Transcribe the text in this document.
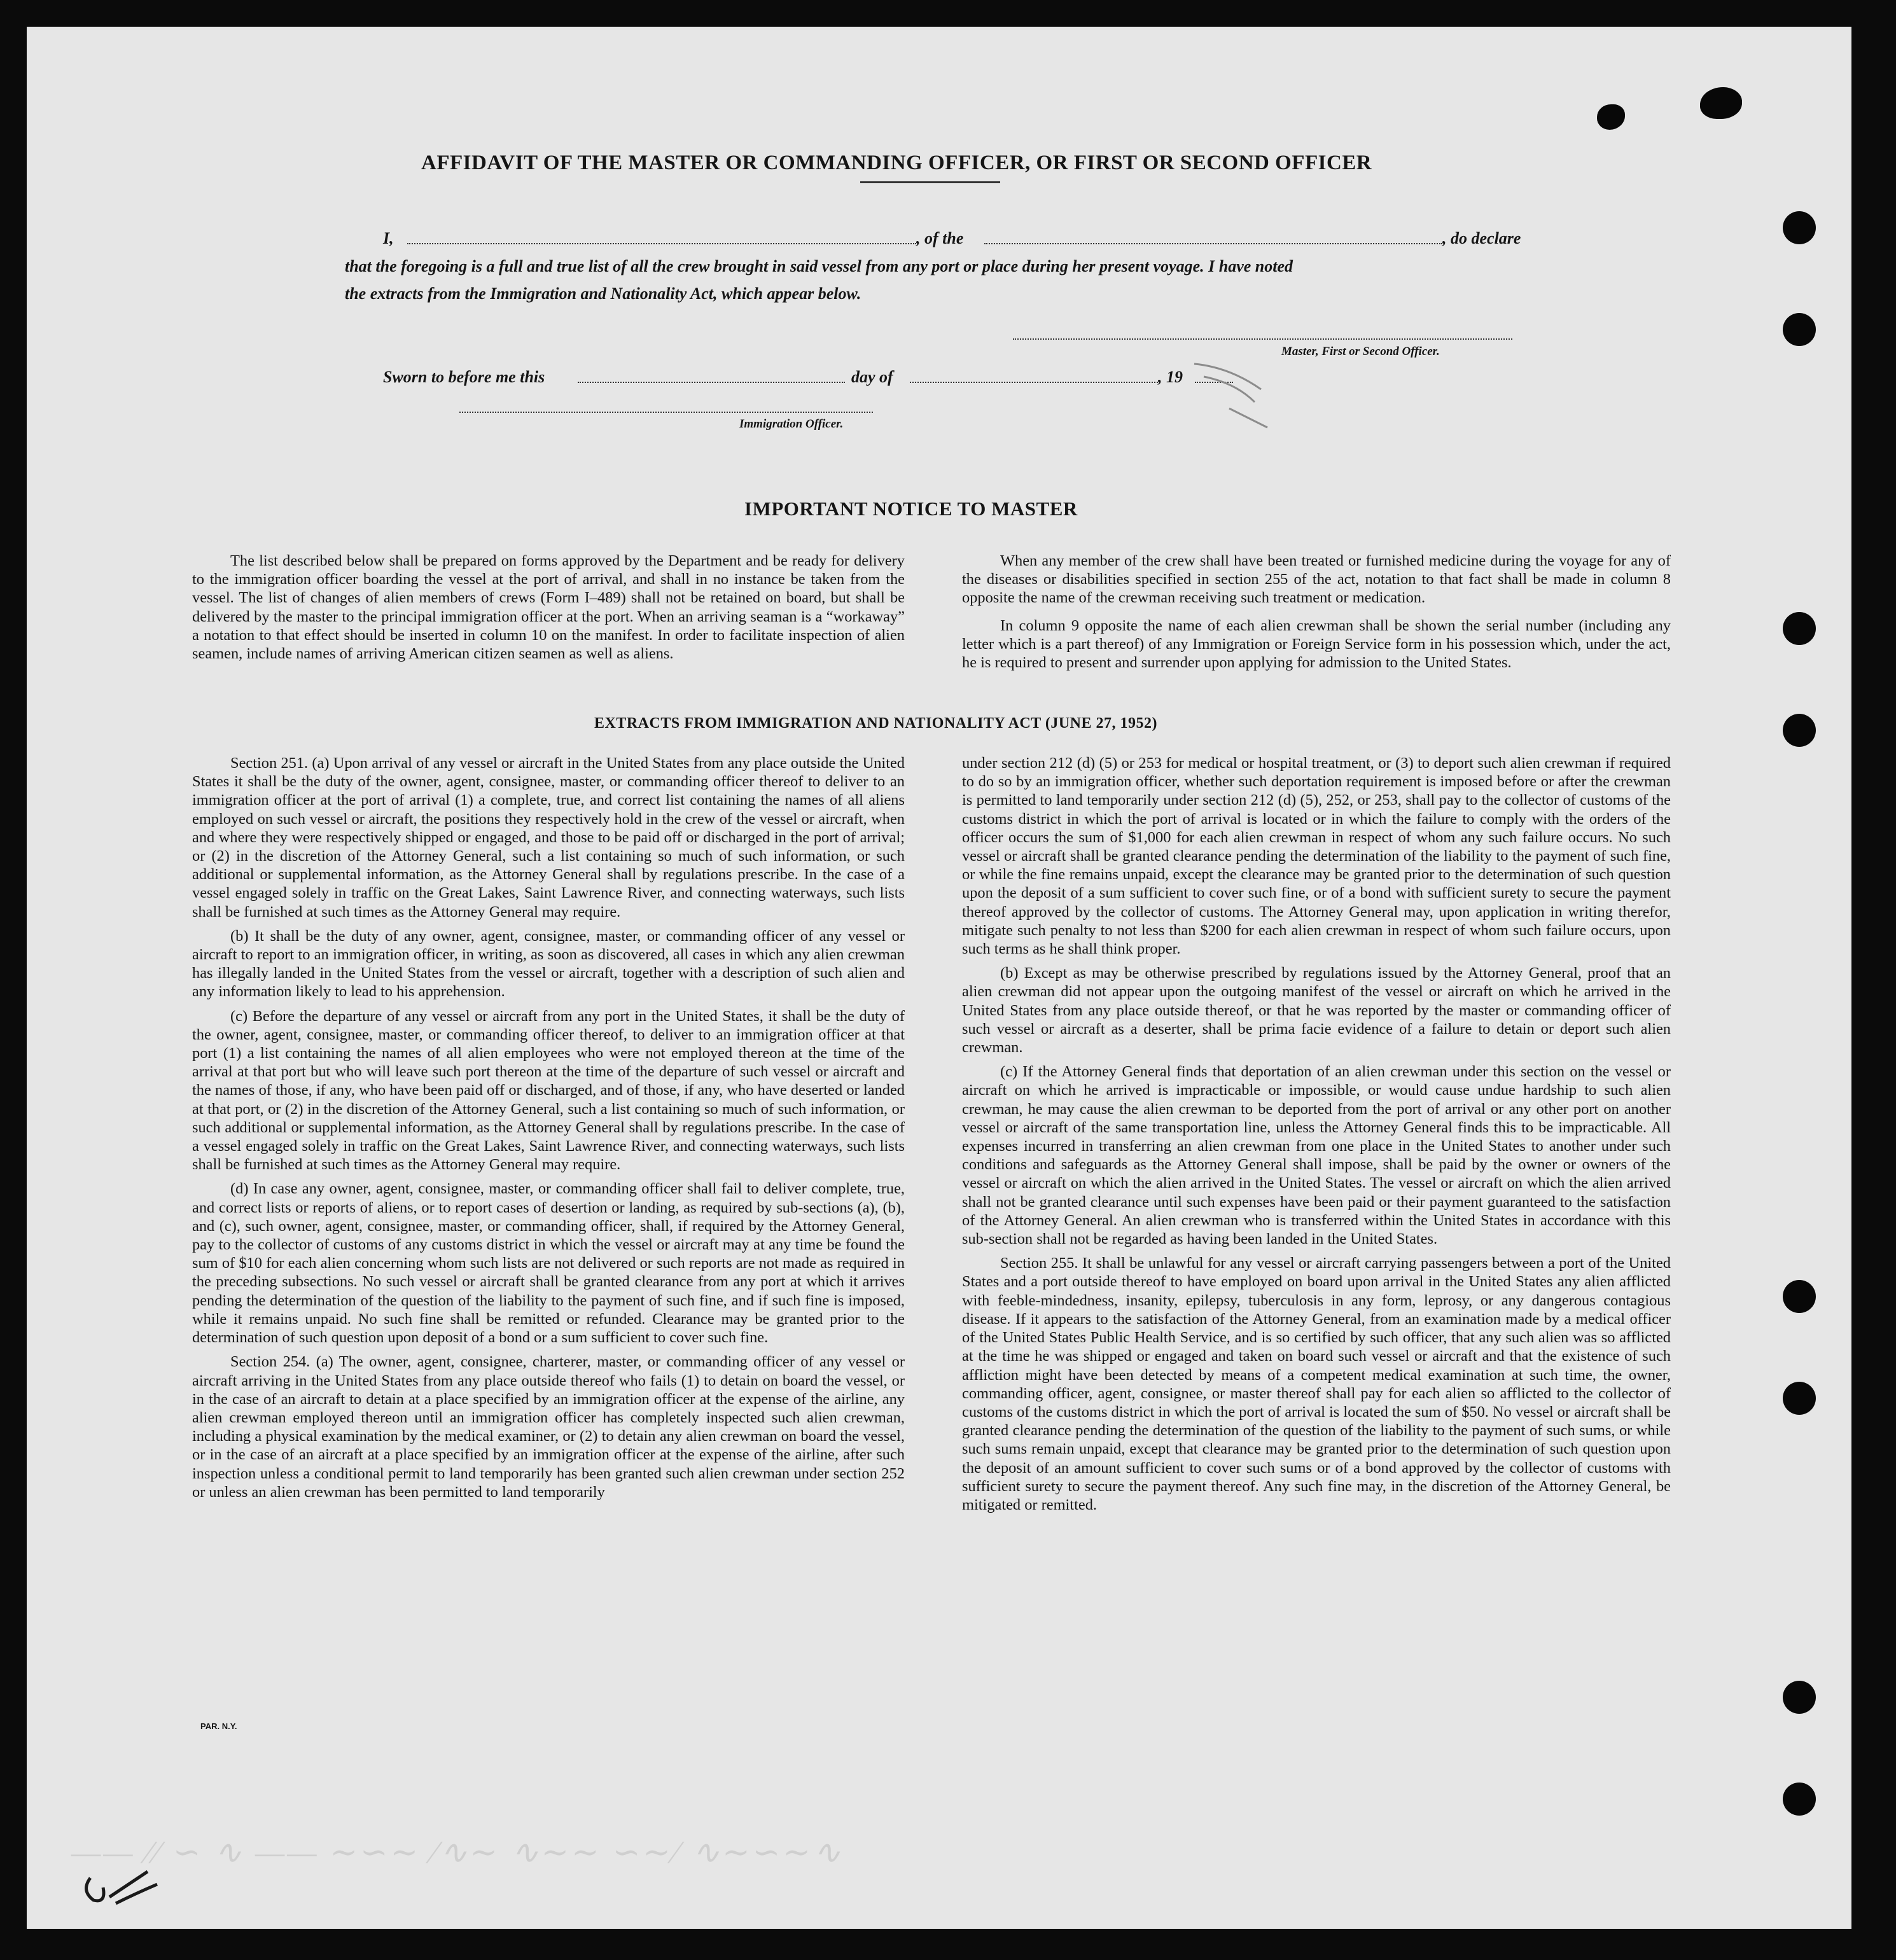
AFFIDAVIT OF THE MASTER OR COMMANDING OFFICER, OR FIRST OR SECOND OFFICER
I,	, of the	, do declare
that the foregoing is a full and true list of all the crew brought in said vessel from any port or place during her present voyage. I have noted
the extracts from the Immigration and Nationality Act, which appear below.
Master, First or Second Officer.
Sworn to before me this	day of	, 19
Immigration Officer.
IMPORTANT NOTICE TO MASTER

The list described below shall be prepared on forms approved by the Department and be ready for delivery to the immigration officer boarding the vessel at the port of arrival, and shall in no instance be taken from the vessel. The list of changes of alien members of crews (Form I–489) shall not be retained on board, but shall be delivered by the master to the principal immigration officer at the port. When an arriving seaman is a “workaway” a notation to that effect should be inserted in column 10 on the manifest. In order to facilitate inspection of alien seamen, include names of arriving American citizen seamen as well as aliens.

When any member of the crew shall have been treated or furnished medicine during the voyage for any of the diseases or disabilities specified in section 255 of the act, notation to that fact shall be made in column 8 opposite the name of the crewman receiving such treatment or medication.

In column 9 opposite the name of each alien crewman shall be shown the serial number (including any letter which is a part thereof) of any Immigration or Foreign Service form in his possession which, under the act, he is required to present and surrender upon applying for admission to the United States.

EXTRACTS FROM IMMIGRATION AND NATIONALITY ACT (JUNE 27, 1952)

Section 251. (a) Upon arrival of any vessel or aircraft in the United States from any place outside the United States it shall be the duty of the owner, agent, consignee, master, or commanding officer thereof to deliver to an immigration officer at the port of arrival (1) a complete, true, and correct list containing the names of all aliens employed on such vessel or aircraft, the positions they respectively hold in the crew of the vessel or aircraft, when and where they were respectively shipped or engaged, and those to be paid off or discharged in the port of arrival; or (2) in the discretion of the Attorney General, such a list containing so much of such information, or such additional or supplemental information, as the Attorney General shall by regulations prescribe. In the case of a vessel engaged solely in traffic on the Great Lakes, Saint Lawrence River, and connecting waterways, such lists shall be furnished at such times as the Attorney General may require.

(b) It shall be the duty of any owner, agent, consignee, master, or commanding officer of any vessel or aircraft to report to an immigration officer, in writing, as soon as discovered, all cases in which any alien crewman has illegally landed in the United States from the vessel or aircraft, together with a description of such alien and any information likely to lead to his apprehension.

(c) Before the departure of any vessel or aircraft from any port in the United States, it shall be the duty of the owner, agent, consignee, master, or commanding officer thereof, to deliver to an immigration officer at that port (1) a list containing the names of all alien employees who were not employed thereon at the time of the arrival at that port but who will leave such port thereon at the time of the departure of such vessel or aircraft and the names of those, if any, who have been paid off or discharged, and of those, if any, who have deserted or landed at that port, or (2) in the discretion of the Attorney General, such a list containing so much of such information, or such additional or supplemental information, as the Attorney General shall by regulations prescribe. In the case of a vessel engaged solely in traffic on the Great Lakes, Saint Lawrence River, and connecting waterways, such lists shall be furnished at such times as the Attorney General may require.

(d) In case any owner, agent, consignee, master, or commanding officer shall fail to deliver complete, true, and correct lists or reports of aliens, or to report cases of desertion or landing, as required by sub-sections (a), (b), and (c), such owner, agent, consignee, master, or commanding officer, shall, if required by the Attorney General, pay to the collector of customs of any customs district in which the vessel or aircraft may at any time be found the sum of $10 for each alien concerning whom such lists are not delivered or such reports are not made as required in the preceding subsections. No such vessel or aircraft shall be granted clearance from any port at which it arrives pending the determination of the question of the liability to the payment of such fine, and if such fine is imposed, while it remains unpaid. No such fine shall be remitted or refunded. Clearance may be granted prior to the determination of such question upon deposit of a bond or a sum sufficient to cover such fine.

Section 254. (a) The owner, agent, consignee, charterer, master, or commanding officer of any vessel or aircraft arriving in the United States from any place outside thereof who fails (1) to detain on board the vessel, or in the case of an aircraft to detain at a place specified by an immigration officer at the expense of the airline, any alien crewman employed thereon until an immigration officer has completely inspected such alien crewman, including a physical examination by the medical examiner, or (2) to detain any alien crewman on board the vessel, or in the case of an aircraft at a place specified by an immigration officer at the expense of the airline, after such inspection unless a conditional permit to land temporarily has been granted such alien crewman under section 252 or unless an alien crewman has been permitted to land temporarily

PAR. N.Y.

under section 212 (d) (5) or 253 for medical or hospital treatment, or (3) to deport such alien crewman if required to do so by an immigration officer, whether such deportation requirement is imposed before or after the crewman is permitted to land temporarily under section 212 (d) (5), 252, or 253, shall pay to the collector of customs of the customs district in which the port of arrival is located or in which the failure to comply with the orders of the officer occurs the sum of $1,000 for each alien crewman in respect of whom any such failure occurs. No such vessel or aircraft shall be granted clearance pending the determination of the liability to the payment of such fine, or while the fine remains unpaid, except the clearance may be granted prior to the determination of such question upon the deposit of a sum sufficient to cover such fine, or of a bond with sufficient surety to secure the payment thereof approved by the collector of customs. The Attorney General may, upon application in writing therefor, mitigate such penalty to not less than $200 for each alien crewman in respect of whom such failure occurs, upon such terms as he shall think proper.

(b) Except as may be otherwise prescribed by regulations issued by the Attorney General, proof that an alien crewman did not appear upon the outgoing manifest of the vessel or aircraft on which he arrived in the United States from any place outside thereof, or that he was reported by the master or commanding officer of such vessel or aircraft as a deserter, shall be prima facie evidence of a failure to detain or deport such alien crewman.

(c) If the Attorney General finds that deportation of an alien crewman under this section on the vessel or aircraft on which he arrived is impracticable or impossible, or would cause undue hardship to such alien crewman, he may cause the alien crewman to be deported from the port of arrival or any other port on another vessel or aircraft of the same transportation line, unless the Attorney General finds this to be impracticable. All expenses incurred in transferring an alien crewman from one place in the United States to another under such conditions and safeguards as the Attorney General shall impose, shall be paid by the owner or owners of the vessel or aircraft on which the alien arrived in the United States. The vessel or aircraft on which the alien arrived shall not be granted clearance until such expenses have been paid or their payment guaranteed to the satisfaction of the Attorney General. An alien crewman who is transferred within the United States in accordance with this sub-section shall not be regarded as having been landed in the United States.

Section 255. It shall be unlawful for any vessel or aircraft carrying passengers between a port of the United States and a port outside thereof to have employed on board upon arrival in the United States any alien afflicted with feeble-mindedness, insanity, epilepsy, tuberculosis in any form, leprosy, or any dangerous contagious disease. If it appears to the satisfaction of the Attorney General, from an examination made by a medical officer of the United States Public Health Service, and is so certified by such officer, that any such alien was so afflicted at the time he was shipped or engaged and taken on board such vessel or aircraft and that the existence of such affliction might have been detected by means of a competent medical examination at such time, the owner, commanding officer, agent, consignee, or master thereof shall pay for each alien so afflicted to the collector of customs of the customs district in which the port of arrival is located the sum of $50. No vessel or aircraft shall be granted clearance pending the determination of the question of the liability to the payment of such sums, or while such sums remain unpaid, except that clearance may be granted prior to the determination of such question upon the deposit of an amount sufficient to cover such sums or of a bond approved by the collector of customs with sufficient surety to secure the payment thereof. Any such fine may, in the discretion of the Attorney General, be mitigated or remitted.

—— ⁄⁄ ∽ ∿ —— ∼∽∼ ⁄∿∼ ∿∼∼ ∽∼⁄ ∿∼∽∼∿
